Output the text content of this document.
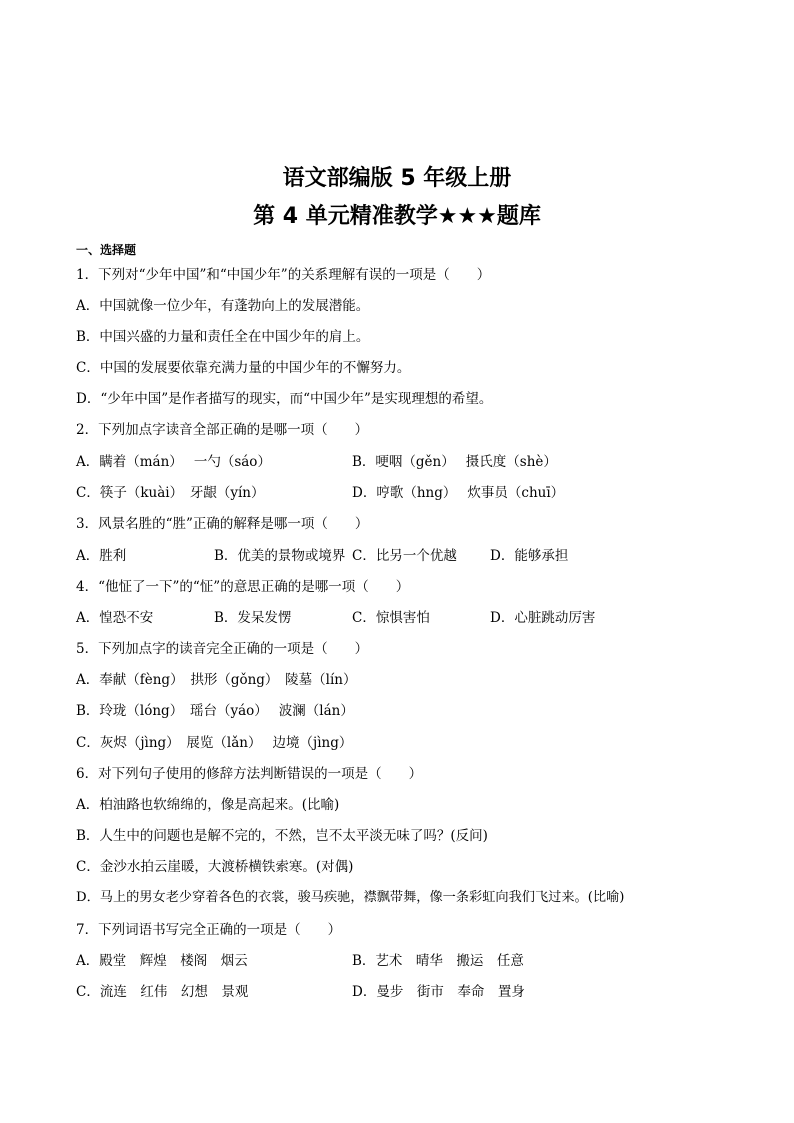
语文部编版 5 年级上册
第 4 单元精准教学★★★题库
一、选择题
1．下列对“少年中国”和“中国少年”的关系理解有误的一项是（　　）
A．中国就像一位少年，有蓬勃向上的发展潜能。
B．中国兴盛的力量和责任全在中国少年的肩上。
C．中国的发展要依靠充满力量的中国少年的不懈努力。
D．“少年中国”是作者描写的现实，而“中国少年”是实现理想的希望。
2．下列加点字读音全部正确的是哪一项（　　）
A．瞒着（mán）　 一勺（sáo）	B．哽咽（gěn）　 摄氏度（shè）
C．筷子（kuài）　牙龈（yín）	D．哼歌（hng）　 炊事员（chuī）
3．风景名胜的“胜”正确的解释是哪一项（　　）
A．胜利	B．优美的景物或境界 C．比另一个优越 D．能够承担
4．“他怔了一下”的“怔”的意思正确的是哪一项（　　）
A．惶恐不安	B．发呆发愣	C．惊惧害怕	D．心脏跳动厉害
5．下列加点字的读音完全正确的一项是（　　）
A．奉献（fèng）　拱形（gǒng）　陵墓（lín）
B．玲珑（lóng）　瑶台（yáo）　 波澜（lán）
C．灰烬（jìng）　展览（lǎn）　 边境（jìng）
6．对下列句子使用的修辞方法判断错误的一项是（　　）
A．柏油路也软绵绵的，像是高起来。(比喻)
B．人生中的问题也是解不完的，不然，岂不太平淡无味了吗？(反问)
C．金沙水拍云崖暖，大渡桥横铁索寒。(对偶)
D．马上的男女老少穿着各色的衣裳，骏马疾驰，襟飘带舞，像一条彩虹向我们飞过来。(比喻)
7．下列词语书写完全正确的一项是（　　）
A．殿堂　辉煌　楼阁　烟云	B．艺术　晴华　搬运　任意
C．流连　红伟　幻想　景观	D．曼步　街市　奉命　置身
